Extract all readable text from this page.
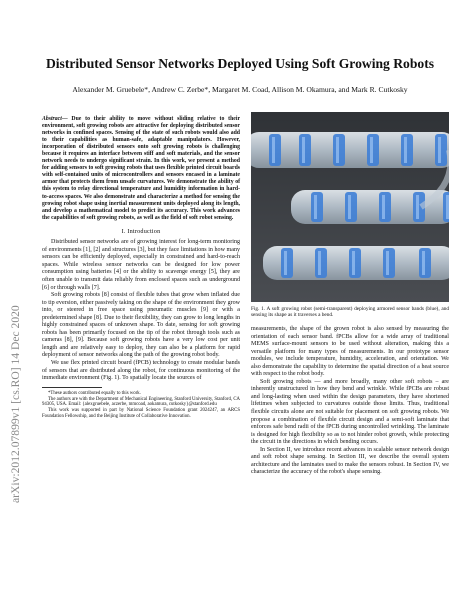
arXiv:2012.07899v1 [cs.RO] 14 Dec 2020
Distributed Sensor Networks Deployed Using Soft Growing Robots
Alexander M. Gruebele*, Andrew C. Zerbe*, Margaret M. Coad, Allison M. Okamura, and Mark R. Cutkosky

Abstract— Due to their ability to move without sliding relative to their environment, soft growing robots are attractive for deploying distributed sensor networks in confined spaces. Sensing of the state of such robots would also add to their capabilities as human-safe, adaptable manipulators. However, incorporation of distributed sensors onto soft growing robots is challenging because it requires an interface between stiff and soft materials, and the sensor network needs to undergo significant strain. In this work, we present a method for adding sensors to soft growing robots that uses flexible printed circuit boards with self-contained units of microcontrollers and sensors encased in a laminate armor that protects them from unsafe curvatures. We demonstrate the ability of this system to relay directional temperature and humidity information in hard-to-access spaces. We also demonstrate and characterize a method for sensing the growing robot shape using inertial measurement units deployed along its length, and develop a mathematical model to predict its accuracy. This work advances the capabilities of soft growing robots, as well as the field of soft robot sensing.

I. Introduction

Distributed sensor networks are of growing interest for long-term monitoring of environments [1], [2] and structures [3], but they face limitations in how many sensors can be efficiently deployed, especially in constrained and hard-to-reach spaces. While wireless sensor networks can be designed for low power consumption using batteries [4] or the ability to scavenge energy [5], they are often unable to transmit data reliably from enclosed spaces such as underground [6] or through walls [7].

Soft growing robots [8] consist of flexible tubes that grow when inflated due to tip eversion, either passively taking on the shape of the environment they grow into, or steered in free space using pneumatic muscles [9] or with a predetermined shape [8]. Due to their flexibility, they can grow to long lengths in highly constrained spaces of unknown shape. To date, sensing for soft growing robots has been primarily focused on the tip of the robot through tools such as cameras [8], [9]. Because soft growing robots have a very low cost per unit length and are relatively easy to deploy, they can also be a platform for rapid deployment of sensor networks along the path of the growing robot body.

We use flex printed circuit board (fPCB) technology to create modular bands of sensors that are distributed along the robot, for continuous monitoring of the immediate environment (Fig. 1). To spatially locate the sources of

*These authors contributed equally to this work.

The authors are with the Department of Mechanical Engineering, Stanford University, Stanford, CA 94305, USA. Email: {alexgruebele, aczerbe, mmcoad, aokamura, cutkosky}@stanford.edu

This work was supported in part by National Science Foundation grant 2024247, an ARCS Foundation Fellowship, and the Beijing Institute of Collaborative Innovation.

Fig. 1. A soft growing robot (semi-transparent) deploying armored sensor bands (blue), and sensing its shape as it traverses a bend.

measurements, the shape of the grown robot is also sensed by measuring the orientation of each sensor band. fPCBs allow for a wide array of traditional MEMS surface-mount sensors to be used without alteration, making this a versatile platform for many types of measurements. In our prototype sensor modules, we include temperature, humidity, acceleration, and orientation. We also demonstrate the capability to determine the spatial direction of a heat source with respect to the robot body.

Soft growing robots — and more broadly, many other soft robots – are inherently unstructured in how they bend and wrinkle. While fPCBs are robust and long-lasting when used within the design parameters, they have shortened lifetimes when subjected to curvatures outside those limits. Thus, traditional flexible circuits alone are not suitable for placement on soft growing robots. We propose a combination of flexible circuit design and a semi-soft laminate that enforces safe bend radii of the fPCB during uncontrolled wrinkling. The laminate is designed for high flexibility so as to not hinder robot growth, while protecting the circuit in the directions in which bending occurs.

In Section II, we introduce recent advances in scalable sensor network design and soft robot shape sensing. In Section III, we describe the overall system architecture and the laminates used to make the sensors robust. In Section IV, we characterize the accuracy of the robot's shape sensing.
